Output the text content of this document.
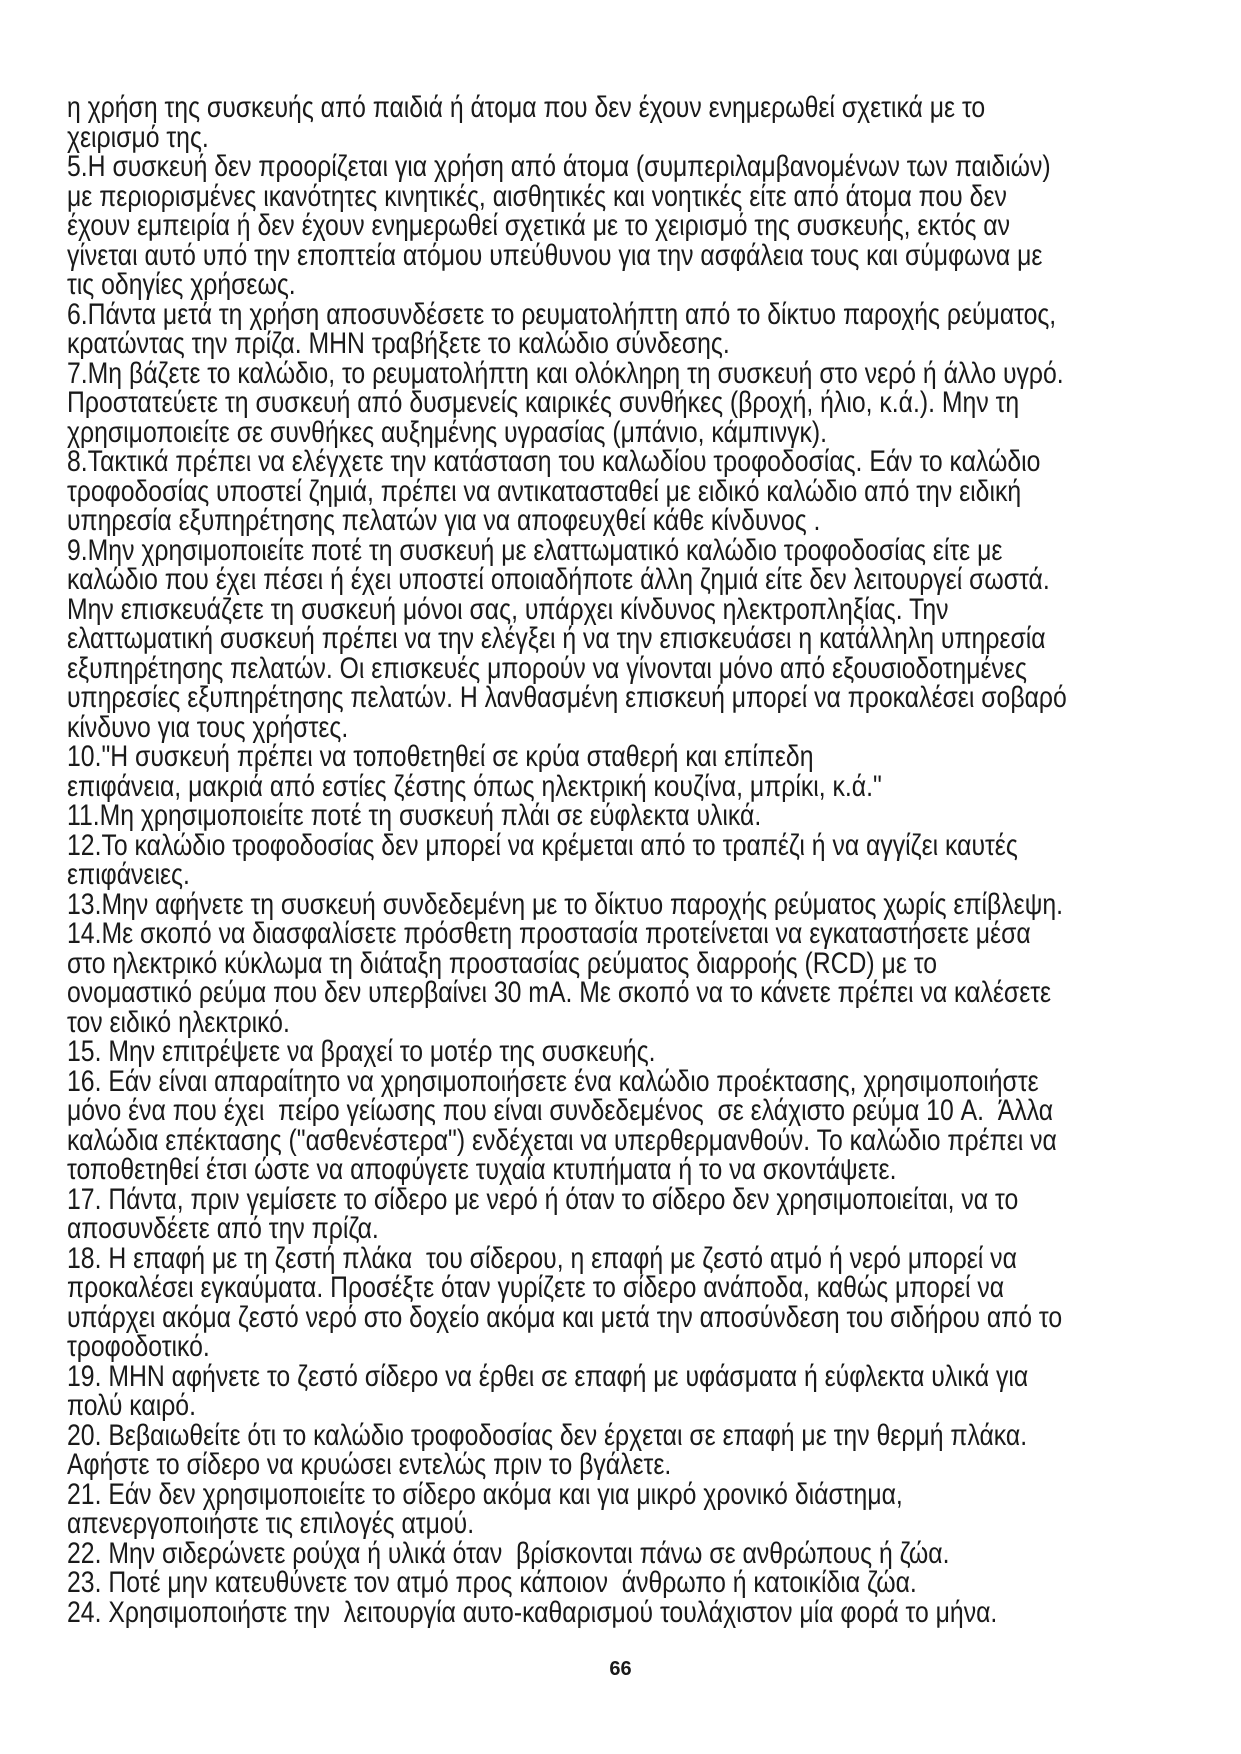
η χρήση της συσκευής από παιδιά ή άτομα που δεν έχουν ενημερωθεί σχετικά με το
χειρισμό της.

5.Η συσκευή δεν προορίζεται για χρήση από άτομα (συμπεριλαμβανομένων των παιδιών)
με περιορισμένες ικανότητες κινητικές, αισθητικές και νοητικές είτε από άτομα που δεν
έχουν εμπειρία ή δεν έχουν ενημερωθεί σχετικά με το χειρισμό της συσκευής, εκτός αν
γίνεται αυτό υπό την εποπτεία ατόμου υπεύθυνου για την ασφάλεια τους και σύμφωνα με
τις οδηγίες χρήσεως.

6.Πάντα μετά τη χρήση αποσυνδέσετε το ρευματολήπτη από το δίκτυο παροχής ρεύματος,
κρατώντας την πρίζα. ΜΗΝ τραβήξετε το καλώδιο σύνδεσης.

7.Μη βάζετε το καλώδιο, το ρευματολήπτη και ολόκληρη τη συσκευή στο νερό ή άλλο υγρό.
Προστατεύετε τη συσκευή από δυσμενείς καιρικές συνθήκες (βροχή, ήλιο, κ.ά.). Μην τη
χρησιμοποιείτε σε συνθήκες αυξημένης υγρασίας (μπάνιο, κάμπινγκ).

8.Τακτικά πρέπει να ελέγχετε την κατάσταση του καλωδίου τροφοδοσίας. Εάν το καλώδιο
τροφοδοσίας υποστεί ζημιά, πρέπει να αντικατασταθεί με ειδικό καλώδιο από την ειδική
υπηρεσία εξυπηρέτησης πελατών για να αποφευχθεί κάθε κίνδυνος .

9.Μην χρησιμοποιείτε ποτέ τη συσκευή με ελαττωματικό καλώδιο τροφοδοσίας είτε με
καλώδιο που έχει πέσει ή έχει υποστεί οποιαδήποτε άλλη ζημιά είτε δεν λειτουργεί σωστά.
Μην επισκευάζετε τη συσκευή μόνοι σας, υπάρχει κίνδυνος ηλεκτροπληξίας. Την
ελαττωματική συσκευή πρέπει να την ελέγξει ή να την επισκευάσει η κατάλληλη υπηρεσία
εξυπηρέτησης πελατών. Οι επισκευές μπορούν να γίνονται μόνο από εξουσιοδοτημένες
υπηρεσίες εξυπηρέτησης πελατών. Η λανθασμένη επισκευή μπορεί να προκαλέσει σοβαρό
κίνδυνο για τους χρήστες.

10."Η συσκευή πρέπει να τοποθετηθεί σε κρύα σταθερή και επίπεδη
επιφάνεια, μακριά από εστίες ζέστης όπως ηλεκτρική κουζίνα, μπρίκι, κ.ά."

11.Μη χρησιμοποιείτε ποτέ τη συσκευή πλάι σε εύφλεκτα υλικά.

12.Το καλώδιο τροφοδοσίας δεν μπορεί να κρέμεται από το τραπέζι ή να αγγίζει καυτές
επιφάνειες.

13.Μην αφήνετε τη συσκευή συνδεδεμένη με το δίκτυο παροχής ρεύματος χωρίς επίβλεψη.

14.Με σκοπό να διασφαλίσετε πρόσθετη προστασία προτείνεται να εγκαταστήσετε μέσα
στο ηλεκτρικό κύκλωμα τη διάταξη προστασίας ρεύματος διαρροής (RCD) με το
ονομαστικό ρεύμα που δεν υπερβαίνει 30 mA. Με σκοπό να το κάνετε πρέπει να καλέσετε
τον ειδικό ηλεκτρικό.

15. Μην επιτρέψετε να βραχεί το μοτέρ της συσκευής.

16. Εάν είναι απαραίτητο να χρησιμοποιήσετε ένα καλώδιο προέκτασης, χρησιμοποιήστε
μόνο ένα που έχει  πείρο γείωσης που είναι συνδεδεμένος  σε ελάχιστο ρεύμα 10 A.  Άλλα
καλώδια επέκτασης ("ασθενέστερα") ενδέχεται να υπερθερμανθούν. Το καλώδιο πρέπει να
τοποθετηθεί έτσι ώστε να αποφύγετε τυχαία κτυπήματα ή το να σκοντάψετε.

17. Πάντα, πριν γεμίσετε το σίδερο με νερό ή όταν το σίδερο δεν χρησιμοποιείται, να το
αποσυνδέετε από την πρίζα.

18. Η επαφή με τη ζεστή πλάκα  του σίδερου, η επαφή με ζεστό ατμό ή νερό μπορεί να
προκαλέσει εγκαύματα. Προσέξτε όταν γυρίζετε το σίδερο ανάποδα, καθώς μπορεί να
υπάρχει ακόμα ζεστό νερό στο δοχείο ακόμα και μετά την αποσύνδεση του σιδήρου από το
τροφοδοτικό.

19. ΜΗΝ αφήνετε το ζεστό σίδερο να έρθει σε επαφή με υφάσματα ή εύφλεκτα υλικά για
πολύ καιρό.

20. Βεβαιωθείτε ότι το καλώδιο τροφοδοσίας δεν έρχεται σε επαφή με την θερμή πλάκα.
Αφήστε το σίδερο να κρυώσει εντελώς πριν το βγάλετε.

21. Εάν δεν χρησιμοποιείτε το σίδερο ακόμα και για μικρό χρονικό διάστημα,
απενεργοποιήστε τις επιλογές ατμού.

22. Μην σιδερώνετε ρούχα ή υλικά όταν  βρίσκονται πάνω σε ανθρώπους ή ζώα.

23. Ποτέ μην κατευθύνετε τον ατμό προς κάποιον  άνθρωπο ή κατοικίδια ζώα.

24. Χρησιμοποιήστε την  λειτουργία αυτο-καθαρισμού τουλάχιστον μία φορά το μήνα.

66
